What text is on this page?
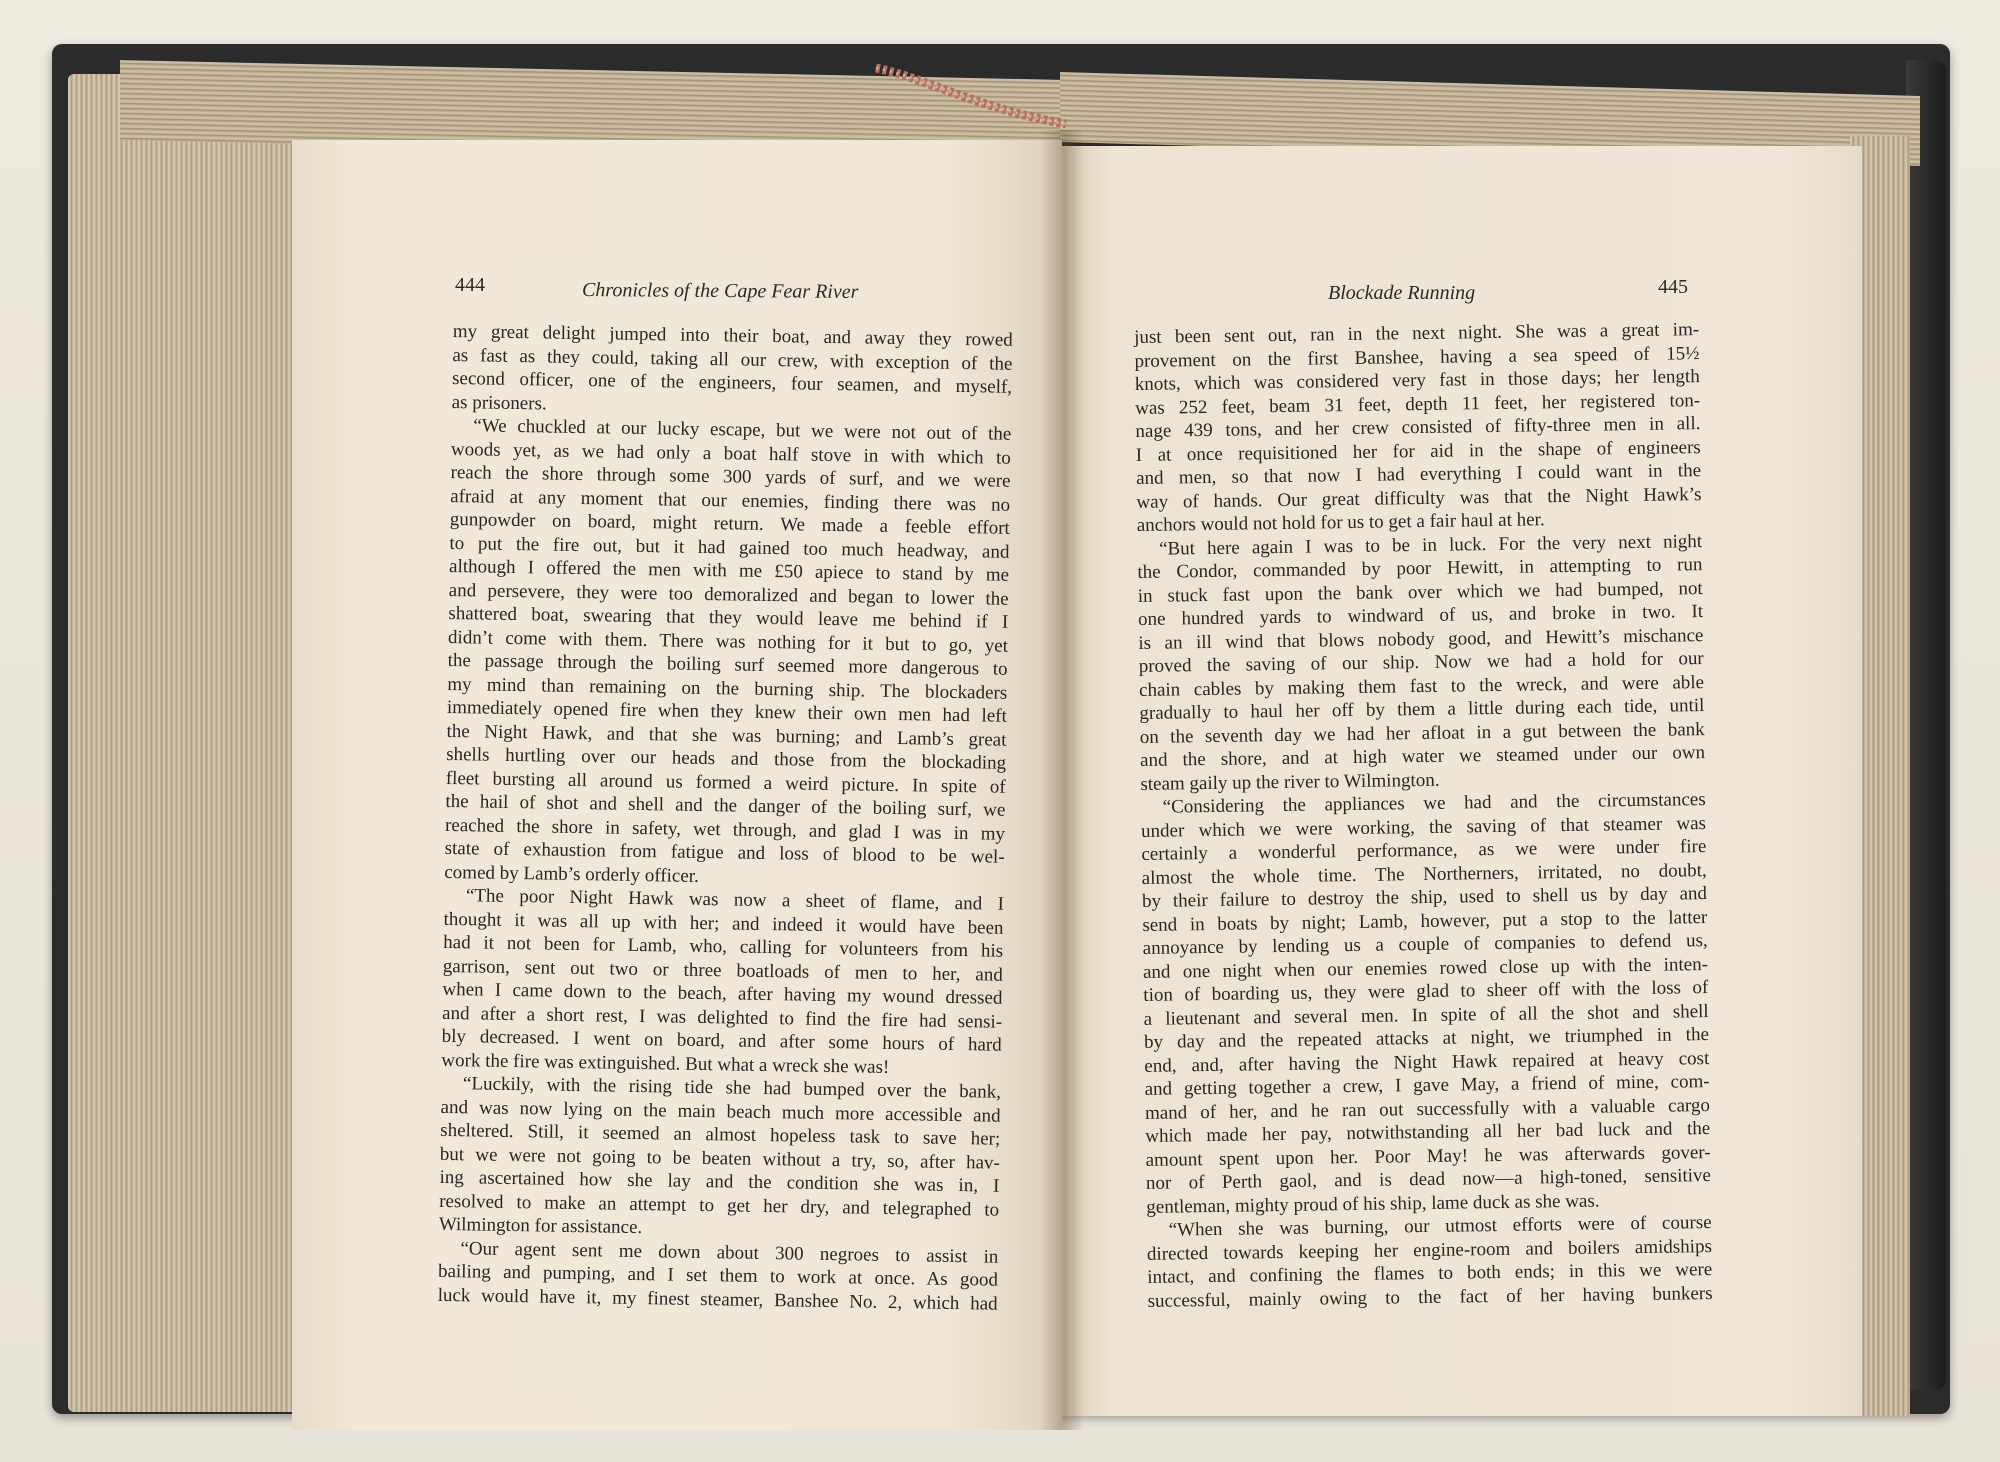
444	Chronicles of the Cape Fear River	Blockade Running	445
my great delight jumped into their boat, and away they rowed
as fast as they could, taking all our crew, with exception of the
second officer, one of the engineers, four seamen, and myself,
as prisoners.
“We chuckled at our lucky escape, but we were not out of the
woods yet, as we had only a boat half stove in with which to
reach the shore through some 300 yards of surf, and we were
afraid at any moment that our enemies, finding there was no
gunpowder on board, might return. We made a feeble effort
to put the fire out, but it had gained too much headway, and
although I offered the men with me £50 apiece to stand by me
and persevere, they were too demoralized and began to lower the
shattered boat, swearing that they would leave me behind if I
didn’t come with them. There was nothing for it but to go, yet
the passage through the boiling surf seemed more dangerous to
my mind than remaining on the burning ship. The blockaders
immediately opened fire when they knew their own men had left
the Night Hawk, and that she was burning; and Lamb’s great
shells hurtling over our heads and those from the blockading
fleet bursting all around us formed a weird picture. In spite of
the hail of shot and shell and the danger of the boiling surf, we
reached the shore in safety, wet through, and glad I was in my
state of exhaustion from fatigue and loss of blood to be wel-
comed by Lamb’s orderly officer.
“The poor Night Hawk was now a sheet of flame, and I
thought it was all up with her; and indeed it would have been
had it not been for Lamb, who, calling for volunteers from his
garrison, sent out two or three boatloads of men to her, and
when I came down to the beach, after having my wound dressed
and after a short rest, I was delighted to find the fire had sensi-
bly decreased. I went on board, and after some hours of hard
work the fire was extinguished. But what a wreck she was!
“Luckily, with the rising tide she had bumped over the bank,
and was now lying on the main beach much more accessible and
sheltered. Still, it seemed an almost hopeless task to save her;
but we were not going to be beaten without a try, so, after hav-
ing ascertained how she lay and the condition she was in, I
resolved to make an attempt to get her dry, and telegraphed to
Wilmington for assistance.
“Our agent sent me down about 300 negroes to assist in
bailing and pumping, and I set them to work at once. As good
luck would have it, my finest steamer, Banshee No. 2, which had
just been sent out, ran in the next night. She was a great im-
provement on the first Banshee, having a sea speed of 15½
knots, which was considered very fast in those days; her length
was 252 feet, beam 31 feet, depth 11 feet, her registered ton-
nage 439 tons, and her crew consisted of fifty-three men in all.
I at once requisitioned her for aid in the shape of engineers
and men, so that now I had everything I could want in the
way of hands. Our great difficulty was that the Night Hawk’s
anchors would not hold for us to get a fair haul at her.
“But here again I was to be in luck. For the very next night
the Condor, commanded by poor Hewitt, in attempting to run
in stuck fast upon the bank over which we had bumped, not
one hundred yards to windward of us, and broke in two. It
is an ill wind that blows nobody good, and Hewitt’s mischance
proved the saving of our ship. Now we had a hold for our
chain cables by making them fast to the wreck, and were able
gradually to haul her off by them a little during each tide, until
on the seventh day we had her afloat in a gut between the bank
and the shore, and at high water we steamed under our own
steam gaily up the river to Wilmington.
“Considering the appliances we had and the circumstances
under which we were working, the saving of that steamer was
certainly a wonderful performance, as we were under fire
almost the whole time. The Northerners, irritated, no doubt,
by their failure to destroy the ship, used to shell us by day and
send in boats by night; Lamb, however, put a stop to the latter
annoyance by lending us a couple of companies to defend us,
and one night when our enemies rowed close up with the inten-
tion of boarding us, they were glad to sheer off with the loss of
a lieutenant and several men. In spite of all the shot and shell
by day and the repeated attacks at night, we triumphed in the
end, and, after having the Night Hawk repaired at heavy cost
and getting together a crew, I gave May, a friend of mine, com-
mand of her, and he ran out successfully with a valuable cargo
which made her pay, notwithstanding all her bad luck and the
amount spent upon her. Poor May! he was afterwards gover-
nor of Perth gaol, and is dead now—a high-toned, sensitive
gentleman, mighty proud of his ship, lame duck as she was.
“When she was burning, our utmost efforts were of course
directed towards keeping her engine-room and boilers amidships
intact, and confining the flames to both ends; in this we were
successful, mainly owing to the fact of her having bunkers
